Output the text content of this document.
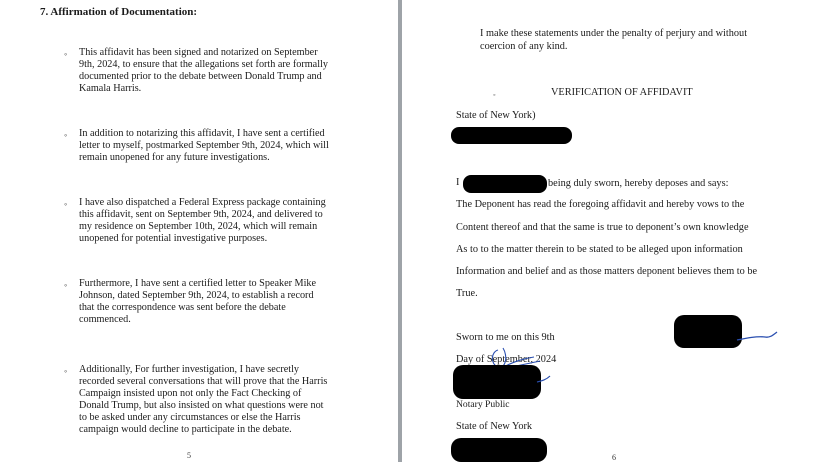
7. Affirmation of Documentation:
◦ This affidavit has been signed and notarized on September
9th, 2024, to ensure that the allegations set forth are formally
documented prior to the debate between Donald Trump and
Kamala Harris.
◦ In addition to notarizing this affidavit, I have sent a certified
letter to myself, postmarked September 9th, 2024, which will
remain unopened for any future investigations.
◦ I have also dispatched a Federal Express package containing
this affidavit, sent on September 9th, 2024, and delivered to
my residence on September 10th, 2024, which will remain
unopened for potential investigative purposes.
◦ Furthermore, I have sent a certified letter to Speaker Mike
Johnson, dated September 9th, 2024, to establish a record
that the correspondence was sent before the debate
commenced.
◦ Additionally, For further investigation, I have secretly
recorded several conversations that will prove that the Harris
Campaign insisted upon not only the Fact Checking of
Donald Trump, but also insisted on what questions were not
to be asked under any circumstances or else the Harris
campaign would decline to participate in the debate.
5
I make these statements under the penalty of perjury and without
coercion of any kind.
◦	VERIFICATION OF AFFIDAVIT
State of New York)
I	being duly sworn, hereby deposes and says:
The Deponent has read the foregoing affidavit and hereby vows to the
Content thereof and that the same is true to deponent’s own knowledge
As to to the matter therein to be stated to be alleged upon information
Information and belief and as those matters deponent believes them to be
True.
Sworn to me on this 9th
Day of September, 2024
Notary Public
State of New York
6
